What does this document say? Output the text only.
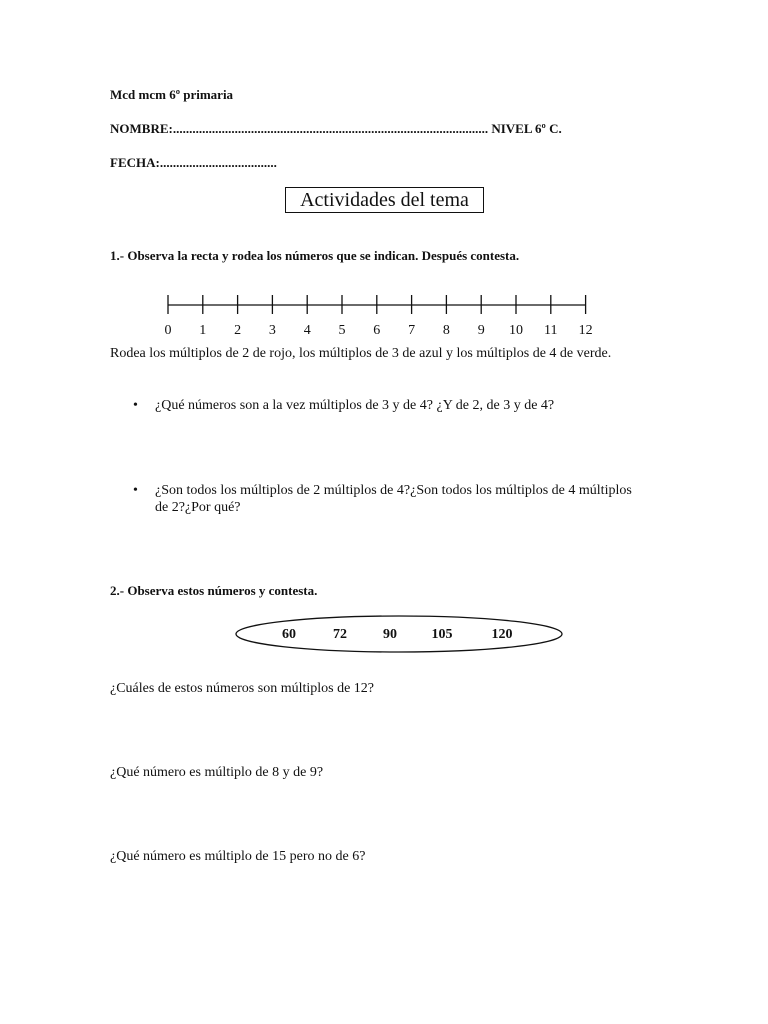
Mcd mcm 6º primaria
NOMBRE:................................................................................................. NIVEL 6º C.
FECHA:....................................
Actividades del tema
1.- Observa la recta y rodea los números que se indican. Después contesta.
0 1 2 3 4 5 6 7 8 9 10 11 12
Rodea los múltiplos de 2 de rojo, los múltiplos de 3 de azul y los múltiplos de 4 de verde.
• ¿Qué números son a la vez múltiplos de 3 y de 4? ¿Y de 2, de 3 y de 4?
• ¿Son todos los múltiplos de 2 múltiplos de 4?¿Son todos los múltiplos de 4 múltiplos de 2?¿Por qué?
2.- Observa estos números y contesta.
60	72	90 105	120
¿Cuáles de estos números son múltiplos de 12?
¿Qué número es múltiplo de 8 y de 9?
¿Qué número es múltiplo de 15 pero no de 6?
